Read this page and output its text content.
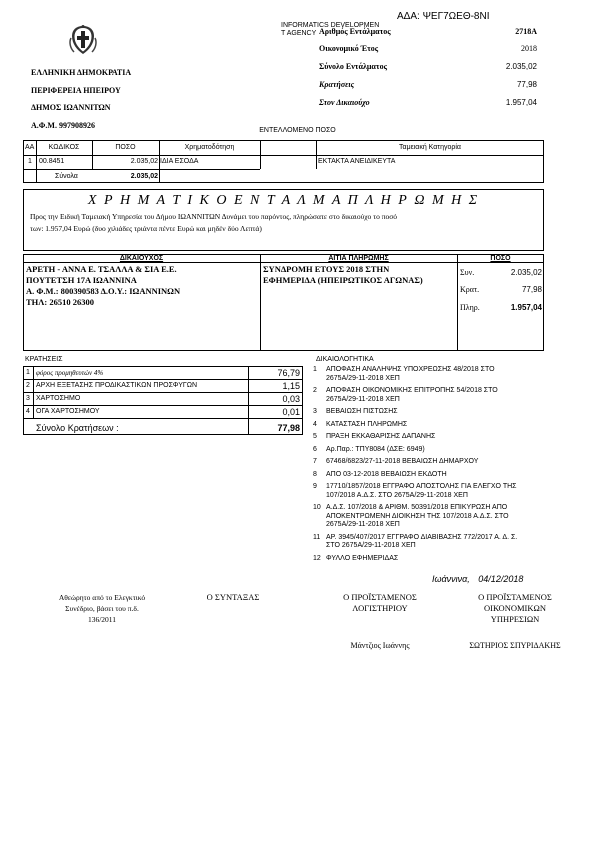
ΑΔΑ: ΨΕΓ7ΩΕΘ-8ΝΙ
INFORMATICS DEVELOPMEN
T AGENCY
ΕΛΛΗΝΙΚΗ ΔΗΜΟΚΡΑΤΙΑ
ΠΕΡΙΦΕΡΕΙΑ ΗΠΕΙΡΟΥ
ΔΗΜΟΣ ΙΩΑΝΝΙΤΩΝ
Α.Φ.Μ. 997908926
Αριθμός Εντάλματος	2718Α
Οικονομικό Έτος	2018
Σύνολο Εντάλματος	2.035,02
Κρατήσεις	77,98
Στον Δικαιούχο	1.957,04
ΕΝΤΕΛΛΟΜΕΝΟ ΠΟΣΟ
ΑΑ	ΚΩΔΙΚΟΣ	ΠΟΣΟ	Χρηματοδότηση	Ταμειακή Κατηγορία
1 00.8451	2.035,02 ΙΔΙΑ ΕΣΟΔΑ	ΕΚΤΑΚΤΑ ΑΝΕΙΔΙΚΕΥΤΑ
Σύνολα	2.035,02
Χ Ρ Η Μ Α Τ Ι Κ Ο Ε Ν Τ Α Λ Μ Α Π Λ Η Ρ Ω Μ Η Σ
Προς την Ειδική Ταμειακή Υπηρεσία του Δήμου ΙΩΑΝΝΙΤΩΝ Δυνάμει του παρόντος, πληρώσατε στο δικαιούχο το ποσό
των: 1.957,04 Ευρώ (δυο χιλιάδες τριάντα πέντε Ευρώ και μηδέν δύο Λεπτά)
ΔΙΚΑΙΟΥΧΟΣ	ΑΙΤΙΑ ΠΛΗΡΩΜΗΣ	ΠΟΣΟ
ΑΡΕΤΗ - ΑΝΝΑ Ε. ΤΣΑΛΛΑ & ΣΙΑ Ε.Ε.
ΠΟΥΤΕΤΣΗ 17Α ΙΩΑΝΝΙΝΑ
Α. Φ.Μ.: 800390583 Δ.Ο.Υ.: ΙΩΑΝΝΙΝΩΝ
ΤΗΛ: 26510 26300
ΣΥΝΔΡΟΜΗ ΕΤΟΥΣ 2018 ΣΤΗΝ
ΕΦΗΜΕΡΙΔΑ (ΗΠΕΙΡΩΤΙΚΟΣ ΑΓΩΝΑΣ)
Συν.	2.035,02
Κρατ.	77,98
Πληρ.	1.957,04
ΚΡΑΤΗΣΕΙΣ
1 φόρος προμηθευτών 4%	76,79
2 ΑΡΧΗ ΕΞΕΤΑΣΗΣ ΠΡΟΔΙΚΑΣΤΙΚΩΝ ΠΡΟΣΦΥΓΩΝ	1,15
3 ΧΑΡΤΟΣΗΜΟ	0,03
4 ΟΓΑ ΧΑΡΤΟΣΗΜΟΥ	0,01
Σύνολο Κρατήσεων :	77,98
ΔΙΚΑΙΟΛΟΓΗΤΙΚΑ
1	ΑΠΟΦΑΣΗ ΑΝΑΛΗΨΗΣ ΥΠΟΧΡΕΩΣΗΣ 48/2018 ΣΤΟ
2675Α/29-11-2018 ΧΕΠ
2	ΑΠΟΦΑΣΗ ΟΙΚΟΝΟΜΙΚΗΣ ΕΠΙΤΡΟΠΗΣ 54/2018 ΣΤΟ
2675Α/29-11-2018 ΧΕΠ
3	ΒΕΒΑΙΩΣΗ ΠΙΣΤΩΣΗΣ
4	ΚΑΤΑΣΤΑΣΗ ΠΛΗΡΩΜΗΣ
5	ΠΡΑΞΗ ΕΚΚΑΘΑΡΙΣΗΣ ΔΑΠΑΝΗΣ
6	Αρ.Παρ.: ΤΠΥ8084 (ΔΣΕ: 6949)
7	67468/6823/27-11-2018 ΒΕΒΑΙΩΣΗ ΔΗΜΑΡΧΟΥ
8	ΑΠΟ 03-12-2018 ΒΕΒΑΙΩΣΗ ΕΚΔΟΤΗ
9	17710/1857/2018 ΕΓΓΡΑΦΟ ΑΠΟΣΤΟΛΗΣ ΓΙΑ ΕΛΕΓΧΟ ΤΗΣ
107/2018 Α.Δ.Σ. ΣΤΟ 2675Α/29-11-2018 ΧΕΠ
10 Α.Δ.Σ. 107/2018 & ΑΡΙΘΜ. 50391/2018 ΕΠΙΚΥΡΩΣΗ ΑΠΟ
ΑΠΟΚΕΝΤΡΩΜΕΝΗ ΔΙΟΙΚΗΣΗ ΤΗΣ 107/2018 Α.Δ.Σ. ΣΤΟ
2675Α/29-11-2018 ΧΕΠ
11 ΑΡ. 3945/407/2017 ΕΓΓΡΑΦΟ ΔΙΑΒΙΒΑΣΗΣ 772/2017 Α. Δ. Σ.
ΣΤΟ 2675Α/29-11-2018 ΧΕΠ
12 ΦΥΛΛΟ ΕΦΗΜΕΡΙΔΑΣ
Ιωάννινα, 04/12/2018
Αθεώρητο από το Ελεγκτικό
Συνέδριο, βάσει του π.δ.
136/2011
Ο ΣΥΝΤΑΞΑΣ	Ο ΠΡΟΪΣΤΑΜΕΝΟΣ
ΛΟΓΙΣΤΗΡΙΟΥ
Ο ΠΡΟΪΣΤΑΜΕΝΟΣ
ΟΙΚΟΝΟΜΙΚΩΝ
ΥΠΗΡΕΣΙΩΝ
Μάντζιος Ιωάννης	ΣΩΤΗΡΙΟΣ ΣΠΥΡΙΔΑΚΗΣ
